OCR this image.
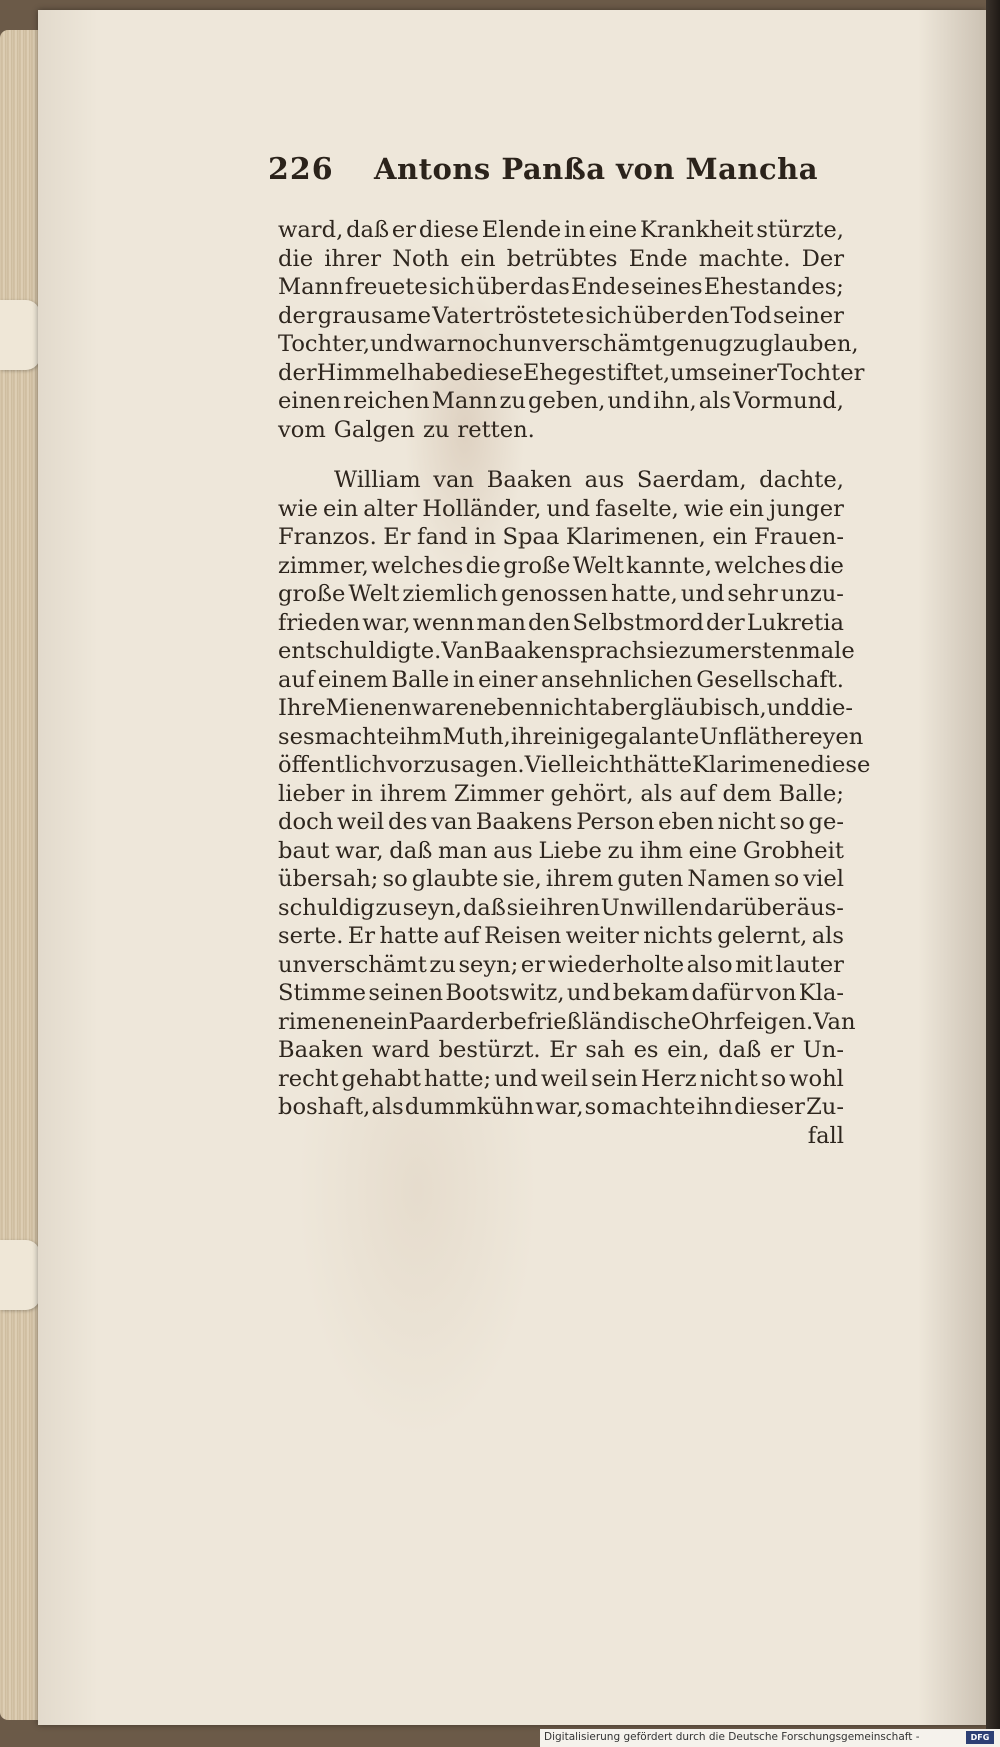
226 Antons Panßa von Mancha
ward, daß er diese Elende in eine Krankheit stürzte,
die ihrer Noth ein betrübtes Ende machte. Der
Mann freuete sich über das Ende seines Ehestandes;
der grausame Vater tröstete sich über den Tod seiner
Tochter, und war noch unverschämt genug zu glauben,
der Himmel habe diese Ehe gestiftet, um seiner Tochter
einen reichen Mann zu geben, und ihn, als Vormund,
vom Galgen zu retten.
William van Baaken aus Saerdam, dachte,
wie ein alter Holländer, und faselte, wie ein junger
Franzos. Er fand in Spaa Klarimenen, ein Frauen-
zimmer, welches die große Welt kannte, welches die
große Welt ziemlich genossen hatte, und sehr unzu-
frieden war, wenn man den Selbstmord der Lukretia
entschuldigte. Van Baaken sprach sie zum ersten male
auf einem Balle in einer ansehnlichen Gesellschaft.
Ihre Mienen waren eben nicht abergläubisch, und die-
ses machte ihm Muth, ihr einige galante Unfläthereyen
öffentlich vorzusagen. Vielleicht hätte Klarimene diese
lieber in ihrem Zimmer gehört, als auf dem Balle;
doch weil des van Baakens Person eben nicht so ge-
baut war, daß man aus Liebe zu ihm eine Grobheit
übersah; so glaubte sie, ihrem guten Namen so viel
schuldig zu seyn, daß sie ihren Unwillen darüber äus-
serte. Er hatte auf Reisen weiter nichts gelernt, als
unverschämt zu seyn; er wiederholte also mit lauter
Stimme seinen Bootswitz, und bekam dafür von Kla-
rimenen ein Paar derbe frießländische Ohrfeigen. Van
Baaken ward bestürzt. Er sah es ein, daß er Un-
recht gehabt hatte; und weil sein Herz nicht so wohl
boshaft, als dummkühn war, so machte ihn dieser Zu-
fall
Digitalisierung gefördert durch die Deutsche Forschungsgemeinschaft -	DFG
